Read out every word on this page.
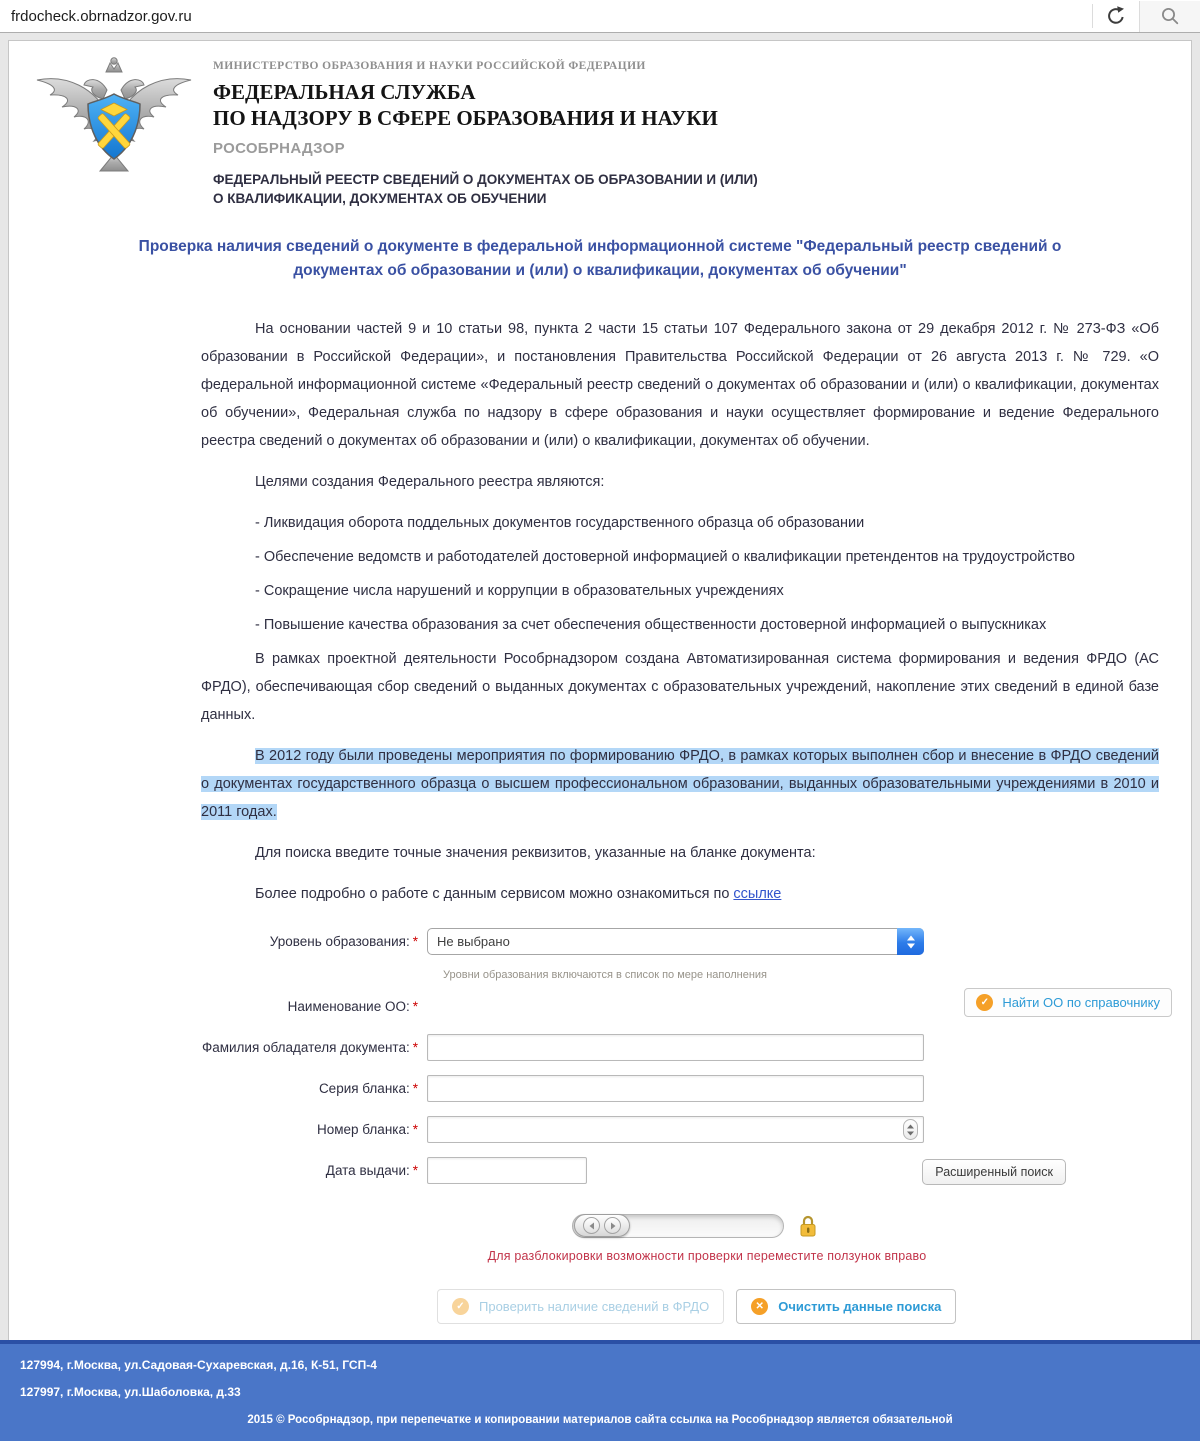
frdocheck.obrnadzor.gov.ru
МИНИСТЕРСТВО ОБРАЗОВАНИЯ И НАУКИ РОССИЙСКОЙ ФЕДЕРАЦИИ
ФЕДЕРАЛЬНАЯ СЛУЖБА
ПО НАДЗОРУ В СФЕРЕ ОБРАЗОВАНИЯ И НАУКИ
РОСОБРНАДЗОР
ФЕДЕРАЛЬНЫЙ РЕЕСТР СВЕДЕНИЙ О ДОКУМЕНТАХ ОБ ОБРАЗОВАНИИ И (ИЛИ)
О КВАЛИФИКАЦИИ, ДОКУМЕНТАХ ОБ ОБУЧЕНИИ
Проверка наличия сведений о документе в федеральной информационной системе "Федеральный реестр сведений о документах об образовании и (или) о квалификации, документах об обучении"

На основании частей 9 и 10 статьи 98, пункта 2 части 15 статьи 107 Федерального закона от 29 декабря 2012 г. № 273-ФЗ «Об образовании в Российской Федерации», и постановления Правительства Российской Федерации от 26 августа 2013 г. № 729. «О федеральной информационной системе «Федеральный реестр сведений о документах об образовании и (или) о квалификации, документах об обучении», Федеральная служба по надзору в сфере образования и науки осуществляет формирование и ведение Федерального реестра сведений о документах об образовании и (или) о квалификации, документах об обучении.

Целями создания Федерального реестра являются:

- Ликвидация оборота поддельных документов государственного образца об образовании

- Обеспечение ведомств и работодателей достоверной информацией о квалификации претендентов на трудоустройство

- Сокращение числа нарушений и коррупции в образовательных учреждениях

- Повышение качества образования за счет обеспечения общественности достоверной информацией о выпускниках

В рамках проектной деятельности Рособрнадзором создана Автоматизированная система формирования и ведения ФРДО (АС ФРДО), обеспечивающая сбор сведений о выданных документах с образовательных учреждений, накопление этих сведений в единой базе данных.

В 2012 году были проведены мероприятия по формированию ФРДО, в рамках которых выполнен сбор и внесение в ФРДО сведений о документах государственного образца о высшем профессиональном образовании, выданных образовательными учреждениями в 2010 и 2011 годах.

Для поиска введите точные значения реквизитов, указанные на бланке документа:

Более подробно о работе с данным сервисом можно ознакомиться по ссылке

Уровень образования: *	Не выбрано
Уровни образования включаются в список по мере наполнения
Наименование ОО: *	✓	Найти ОО по справочнику
Фамилия обладателя документа: *
Серия бланка: *
Номер бланка: *
Дата выдачи: *	Расширенный поиск
Для разблокировки возможности проверки переместите ползунок вправо
✓	Проверить наличие сведений в ФРДО	✕	Очистить данные поиска
127994, г.Москва, ул.Садовая-Сухаревская, д.16, К-51, ГСП-4
127997, г.Москва, ул.Шаболовка, д.33
2015 © Рособрнадзор, при перепечатке и копировании материалов сайта ссылка на Рособрнадзор является обязательной
